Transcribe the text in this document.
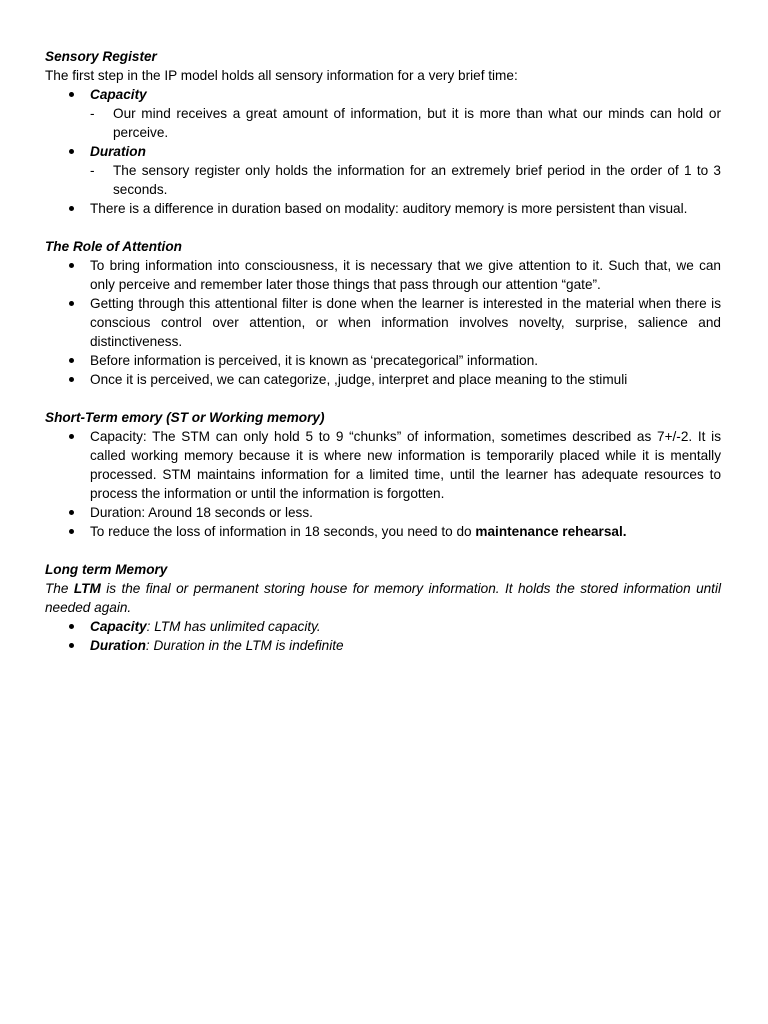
Sensory Register
The first step in the IP model holds all sensory information for a very brief time:
Capacity
- Our mind receives a great amount of information, but it is more than what our minds can hold or perceive.
Duration
- The sensory register only holds the information for an extremely brief period in the order of 1 to 3 seconds.
There is a difference in duration based on modality: auditory memory is more persistent than visual.
The Role of Attention
To bring information into consciousness, it is necessary that we give attention to it. Such that, we can only perceive and remember later those things that pass through our attention “gate”.
Getting through this attentional filter is done when the learner is interested in the material when there is conscious control over attention, or when information involves novelty, surprise, salience and distinctiveness.
Before information is perceived, it is known as ‘precategorical” information.
Once it is perceived, we can categorize, ,judge, interpret and place meaning to the stimuli
Short-Term emory (ST or Working memory)
Capacity: The STM can only hold 5 to 9 “chunks” of information, sometimes described as 7+/-2. It is called working memory because it is where new information is temporarily placed while it is mentally processed. STM maintains information for a limited time, until the learner has adequate resources to process the information or until the information is forgotten.
Duration: Around 18 seconds or less.
To reduce the loss of information in 18 seconds, you need to do maintenance rehearsal.
Long term Memory
The LTM is the final or permanent storing house for memory information. It holds the stored information until needed again.
Capacity: LTM has unlimited capacity.
Duration: Duration in the LTM is indefinite
